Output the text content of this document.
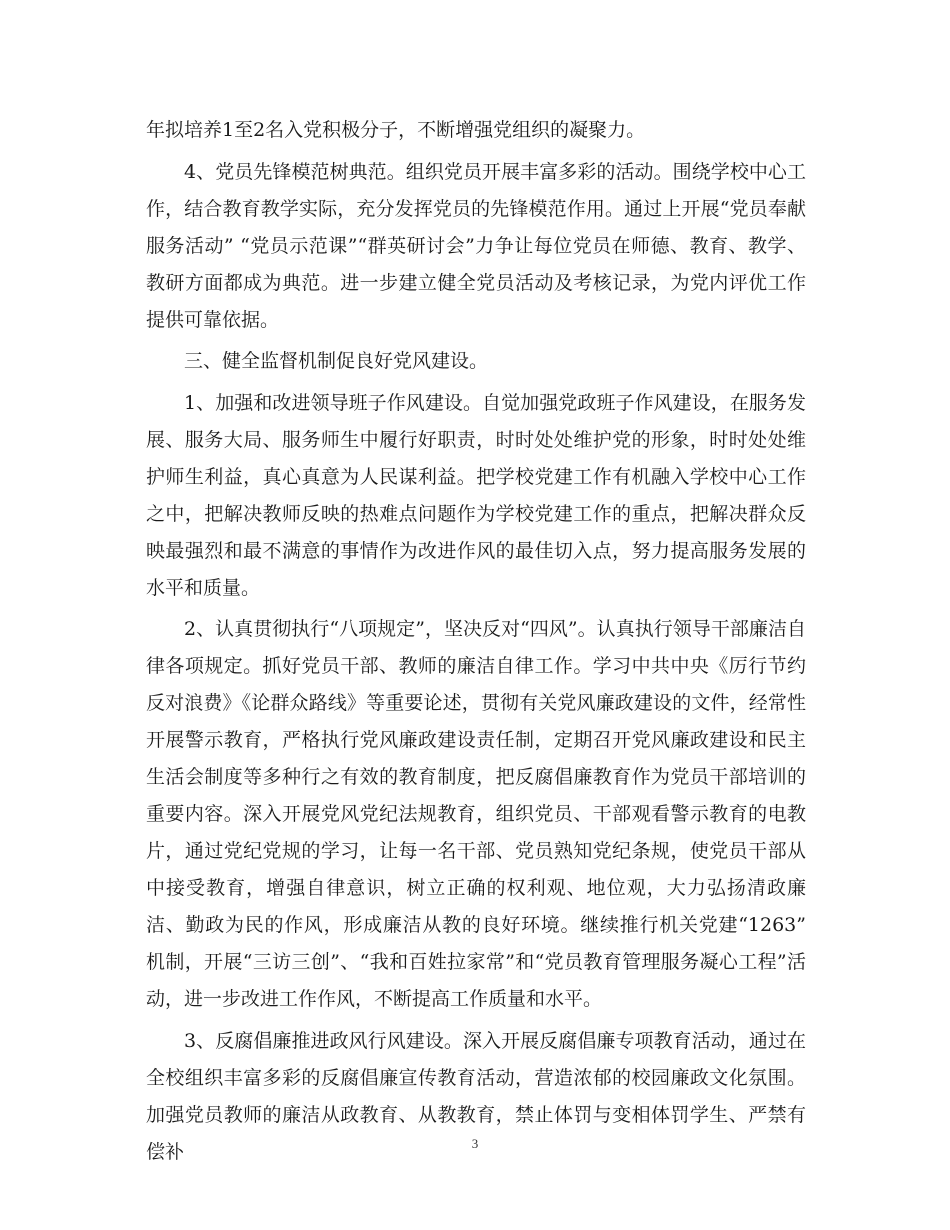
年拟培养1至2名入党积极分子，不断增强党组织的凝聚力。

4、党员先锋模范树典范。组织党员开展丰富多彩的活动。围绕学校中心工作，结合教育教学实际，充分发挥党员的先锋模范作用。通过上开展“党员奉献服务活动” “党员示范课”“群英研讨会”力争让每位党员在师德、教育、教学、教研方面都成为典范。进一步建立健全党员活动及考核记录，为党内评优工作提供可靠依据。

三、健全监督机制促良好党风建设。

1、加强和改进领导班子作风建设。自觉加强党政班子作风建设，在服务发展、服务大局、服务师生中履行好职责，时时处处维护党的形象，时时处处维护师生利益，真心真意为人民谋利益。把学校党建工作有机融入学校中心工作之中，把解决教师反映的热难点问题作为学校党建工作的重点，把解决群众反映最强烈和最不满意的事情作为改进作风的最佳切入点，努力提高服务发展的水平和质量。

2、认真贯彻执行“八项规定”，坚决反对“四风”。认真执行领导干部廉洁自律各项规定。抓好党员干部、教师的廉洁自律工作。学习中共中央《厉行节约反对浪费》《论群众路线》等重要论述，贯彻有关党风廉政建设的文件，经常性开展警示教育，严格执行党风廉政建设责任制，定期召开党风廉政建设和民主生活会制度等多种行之有效的教育制度，把反腐倡廉教育作为党员干部培训的重要内容。深入开展党风党纪法规教育，组织党员、干部观看警示教育的电教片，通过党纪党规的学习，让每一名干部、党员熟知党纪条规，使党员干部从中接受教育，增强自律意识，树立正确的权利观、地位观，大力弘扬清政廉洁、勤政为民的作风，形成廉洁从教的良好环境。继续推行机关党建“1263” 机制，开展“三访三创”、“我和百姓拉家常”和“党员教育管理服务凝心工程”活动，进一步改进工作作风，不断提高工作质量和水平。

3、反腐倡廉推进政风行风建设。深入开展反腐倡廉专项教育活动，通过在全校组织丰富多彩的反腐倡廉宣传教育活动，营造浓郁的校园廉政文化氛围。加强党员教师的廉洁从政教育、从教教育，禁止体罚与变相体罚学生、严禁有偿补	3
